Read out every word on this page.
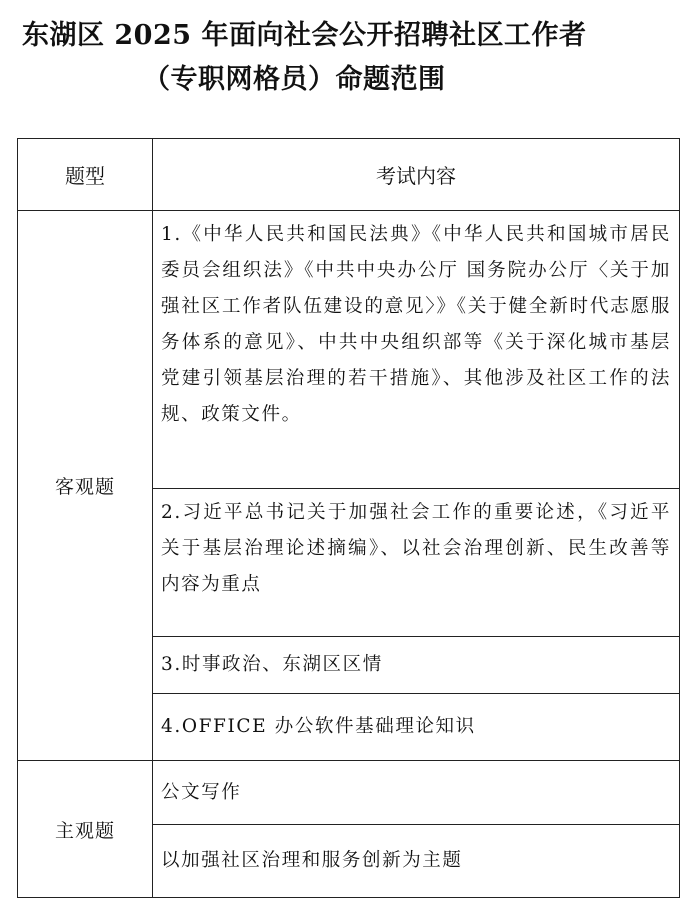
东湖区 2025 年面向社会公开招聘社区工作者
（专职网格员）命题范围
题型	考试内容
客观题	1.《中华人民共和国民法典》《中华人民共和国城市居民委员会组织法》《中共中央办公厅 国务院办公厅〈关于加强社区工作者队伍建设的意见〉》《关于健全新时代志愿服务体系的意见》、中共中央组织部等《关于深化城市基层党建引领基层治理的若干措施》、其他涉及社区工作的法规、政策文件。
	2.习近平总书记关于加强社会工作的重要论述，《习近平关于基层治理论述摘编》、以社会治理创新、民生改善等内容为重点
	3.时事政治、东湖区区情
	4.OFFICE 办公软件基础理论知识
主观题	公文写作
	以加强社区治理和服务创新为主题
